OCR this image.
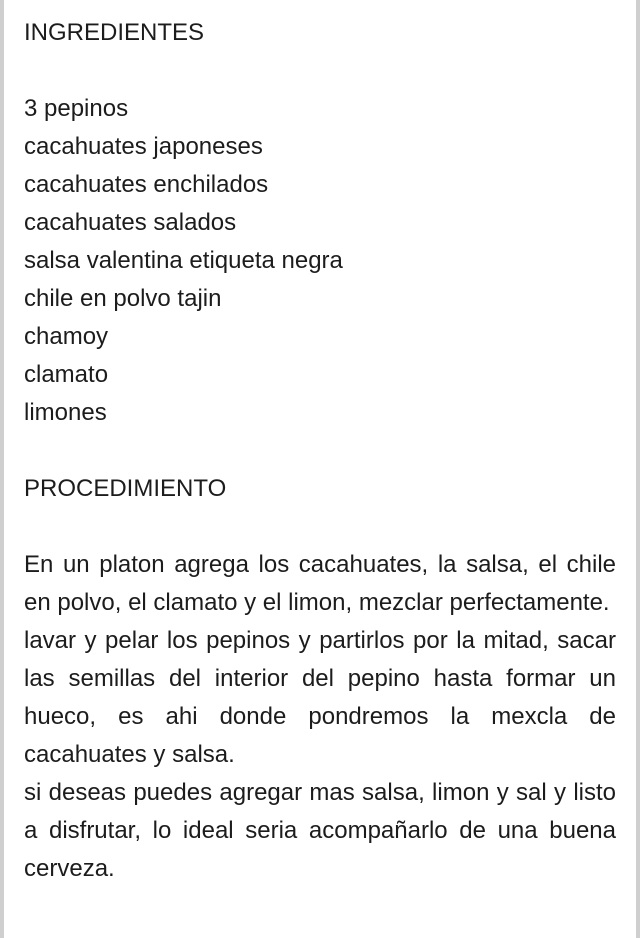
INGREDIENTES
3 pepinos
cacahuates japoneses
cacahuates enchilados
cacahuates salados
salsa valentina etiqueta negra
chile en polvo tajin
chamoy
clamato
limones
PROCEDIMIENTO

En un platon agrega los cacahuates, la salsa, el chile en polvo, el clamato y el limon, mezclar perfectamente.

lavar y pelar los pepinos y partirlos por la mitad, sacar las semillas del interior del pepino hasta formar un hueco, es ahi donde pondremos la mexcla de cacahuates y salsa.

si deseas puedes agregar mas salsa, limon y sal y listo a disfrutar, lo ideal seria acompañarlo de una buena cerveza.
